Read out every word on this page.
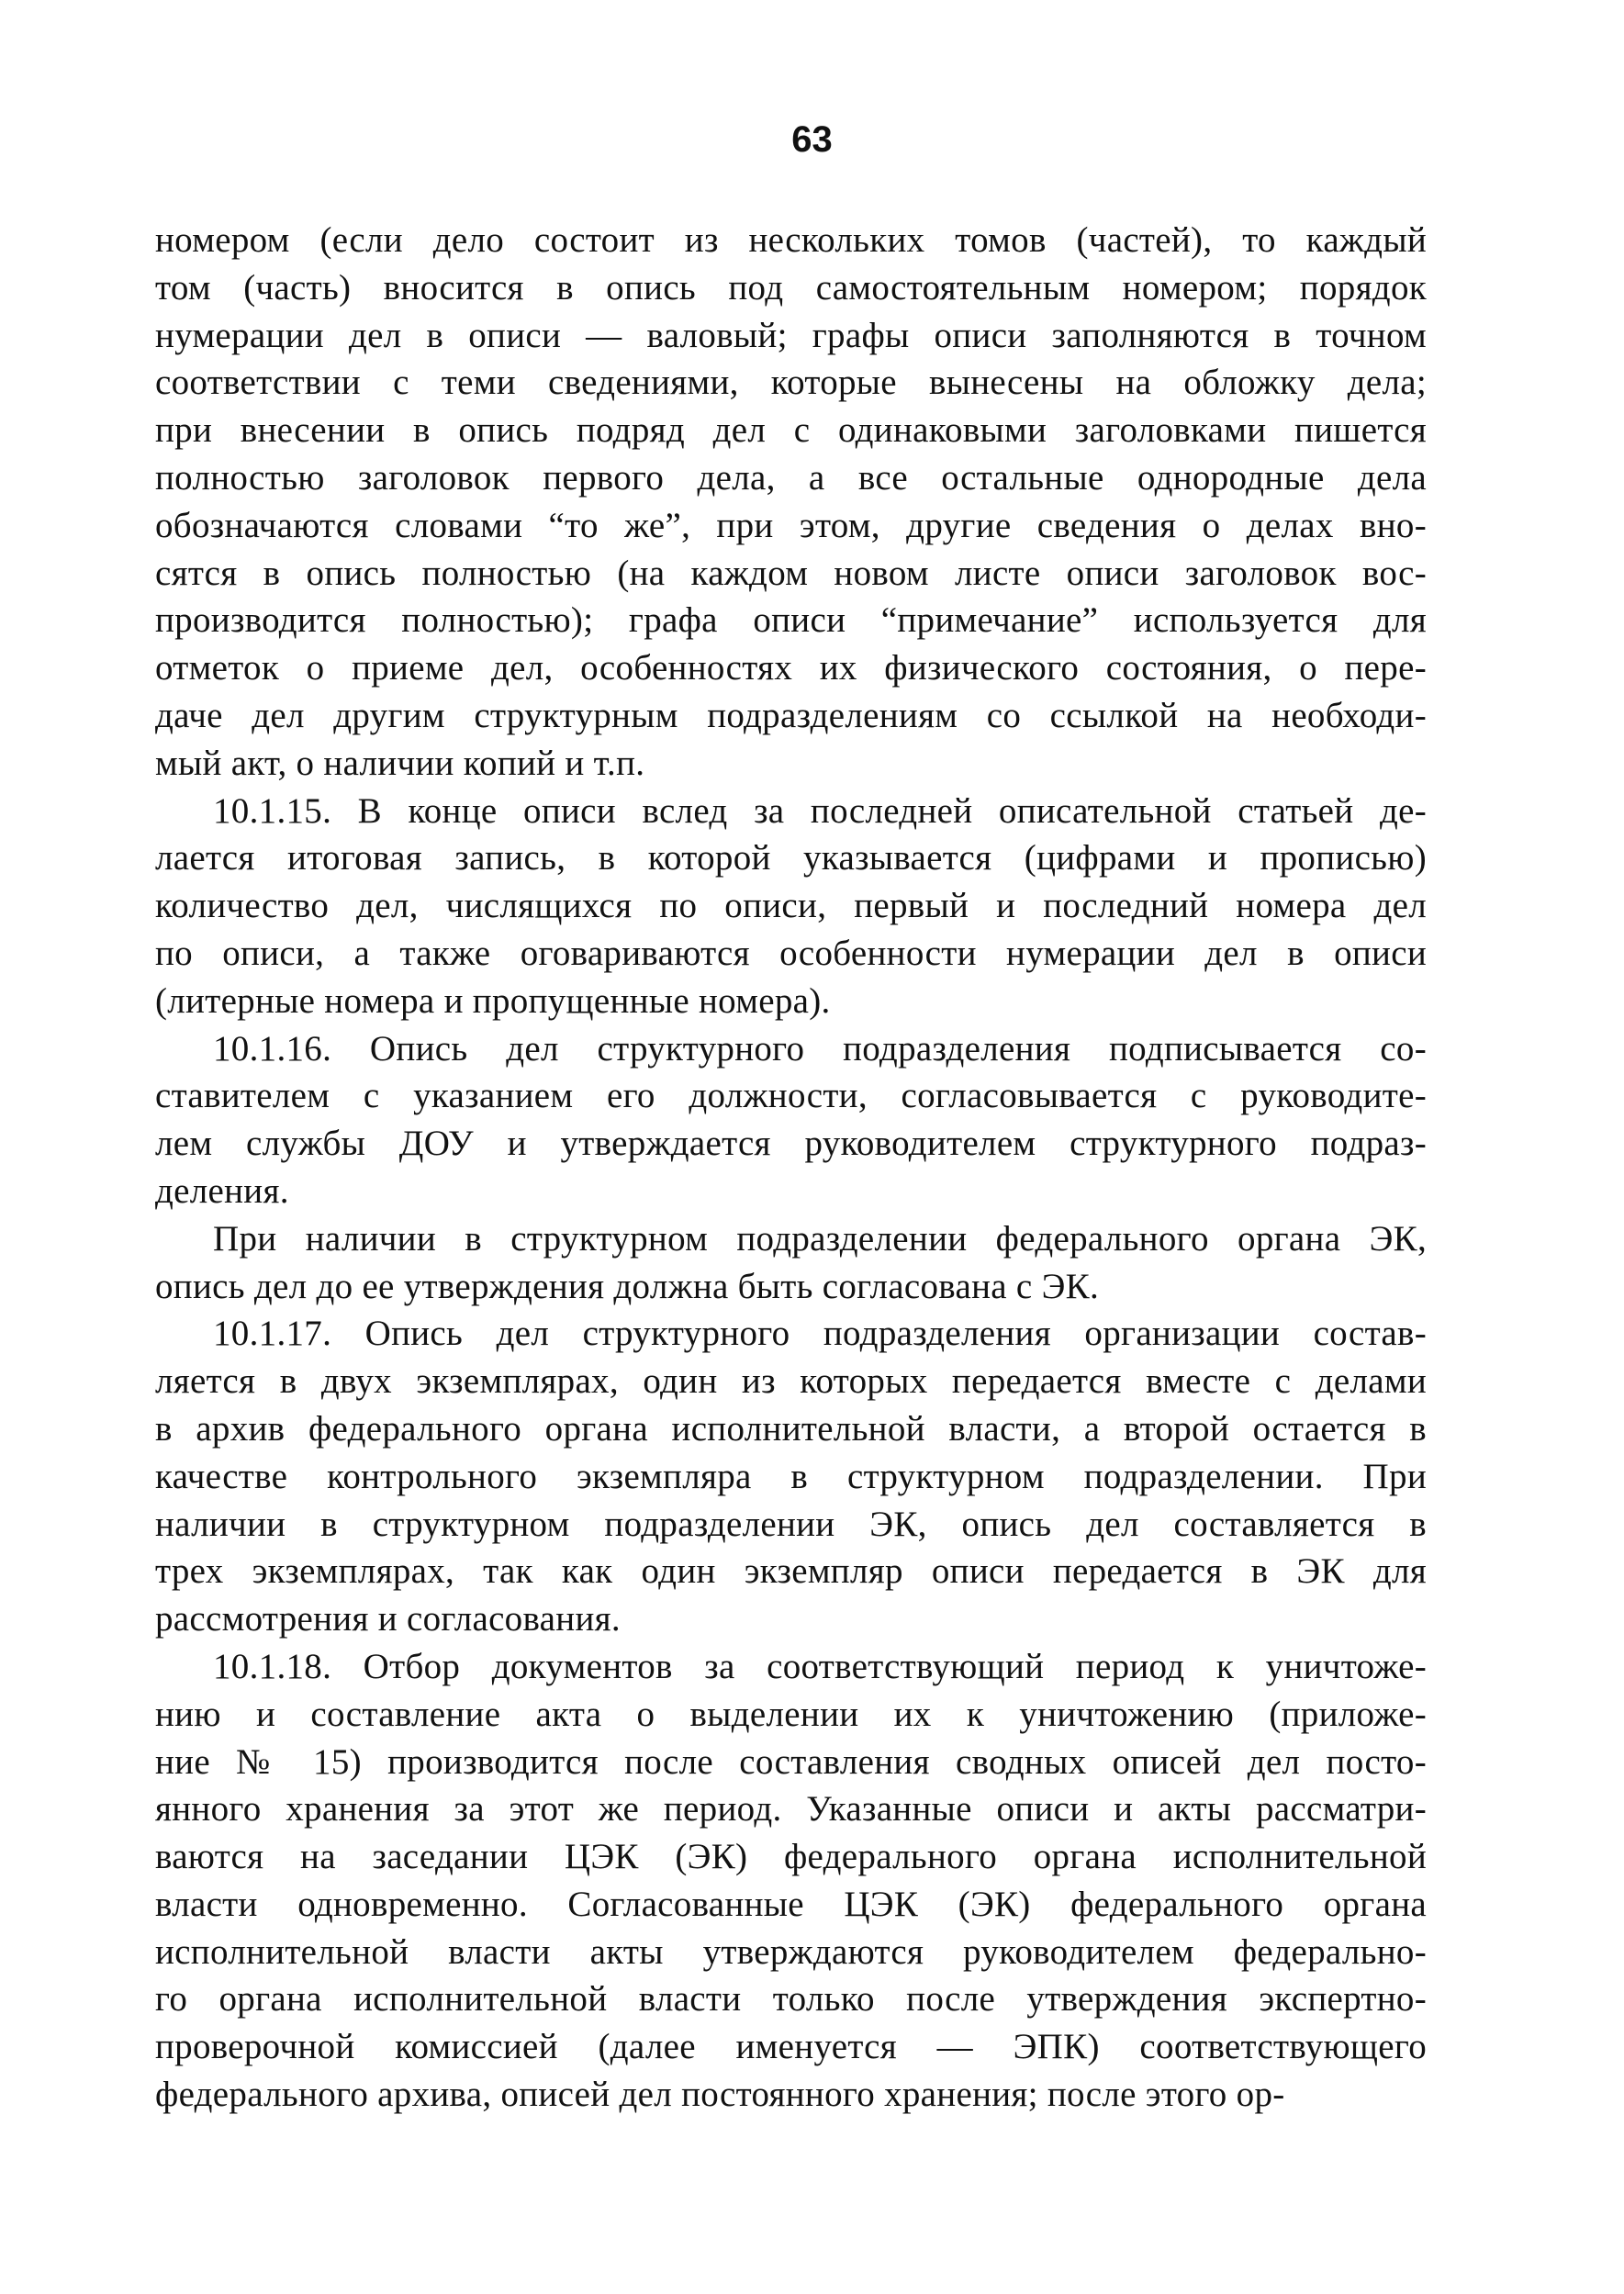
63
номером (если дело состоит из нескольких томов (частей), то каждый
том (часть) вносится в опись под самостоятельным номером; порядок
нумерации дел в описи — валовый; графы описи заполняются в точном
соответствии с теми сведениями, которые вынесены на обложку дела;
при внесении в опись подряд дел с одинаковыми заголовками пишется
полностью заголовок первого дела, а все остальные однородные дела
обозначаются словами “то же”, при этом, другие сведения о делах вно-
сятся в опись полностью (на каждом новом листе описи заголовок вос-
производится полностью); графа описи “примечание” используется для
отметок о приеме дел, особенностях их физического состояния, о пере-
даче дел другим структурным подразделениям со ссылкой на необходи-
мый акт, о наличии копий и т.п.
10.1.15. В конце описи вслед за последней описательной статьей де-
лается итоговая запись, в которой указывается (цифрами и прописью)
количество дел, числящихся по описи, первый и последний номера дел
по описи, а также оговариваются особенности нумерации дел в описи
(литерные номера и пропущенные номера).
10.1.16. Опись дел структурного подразделения подписывается со-
ставителем с указанием его должности, согласовывается с руководите-
лем службы ДОУ и утверждается руководителем структурного подраз-
деления.
При наличии в структурном подразделении федерального органа ЭК,
опись дел до ее утверждения должна быть согласована с ЭК.
10.1.17. Опись дел структурного подразделения организации состав-
ляется в двух экземплярах, один из которых передается вместе с делами
в архив федерального органа исполнительной власти, а второй остается в
качестве контрольного экземпляра в структурном подразделении. При
наличии в структурном подразделении ЭК, опись дел составляется в
трех экземплярах, так как один экземпляр описи передается в ЭК для
рассмотрения и согласования.
10.1.18. Отбор документов за соответствующий период к уничтоже-
нию и составление акта о выделении их к уничтожению (приложе-
ние № 15) производится после составления сводных описей дел посто-
янного хранения за этот же период. Указанные описи и акты рассматри-
ваются на заседании ЦЭК (ЭК) федерального органа исполнительной
власти одновременно. Согласованные ЦЭК (ЭК) федерального органа
исполнительной власти акты утверждаются руководителем федерально-
го органа исполнительной власти только после утверждения экспертно-
проверочной комиссией (далее именуется — ЭПК) соответствующего
федерального архива, описей дел постоянного хранения; после этого ор-
